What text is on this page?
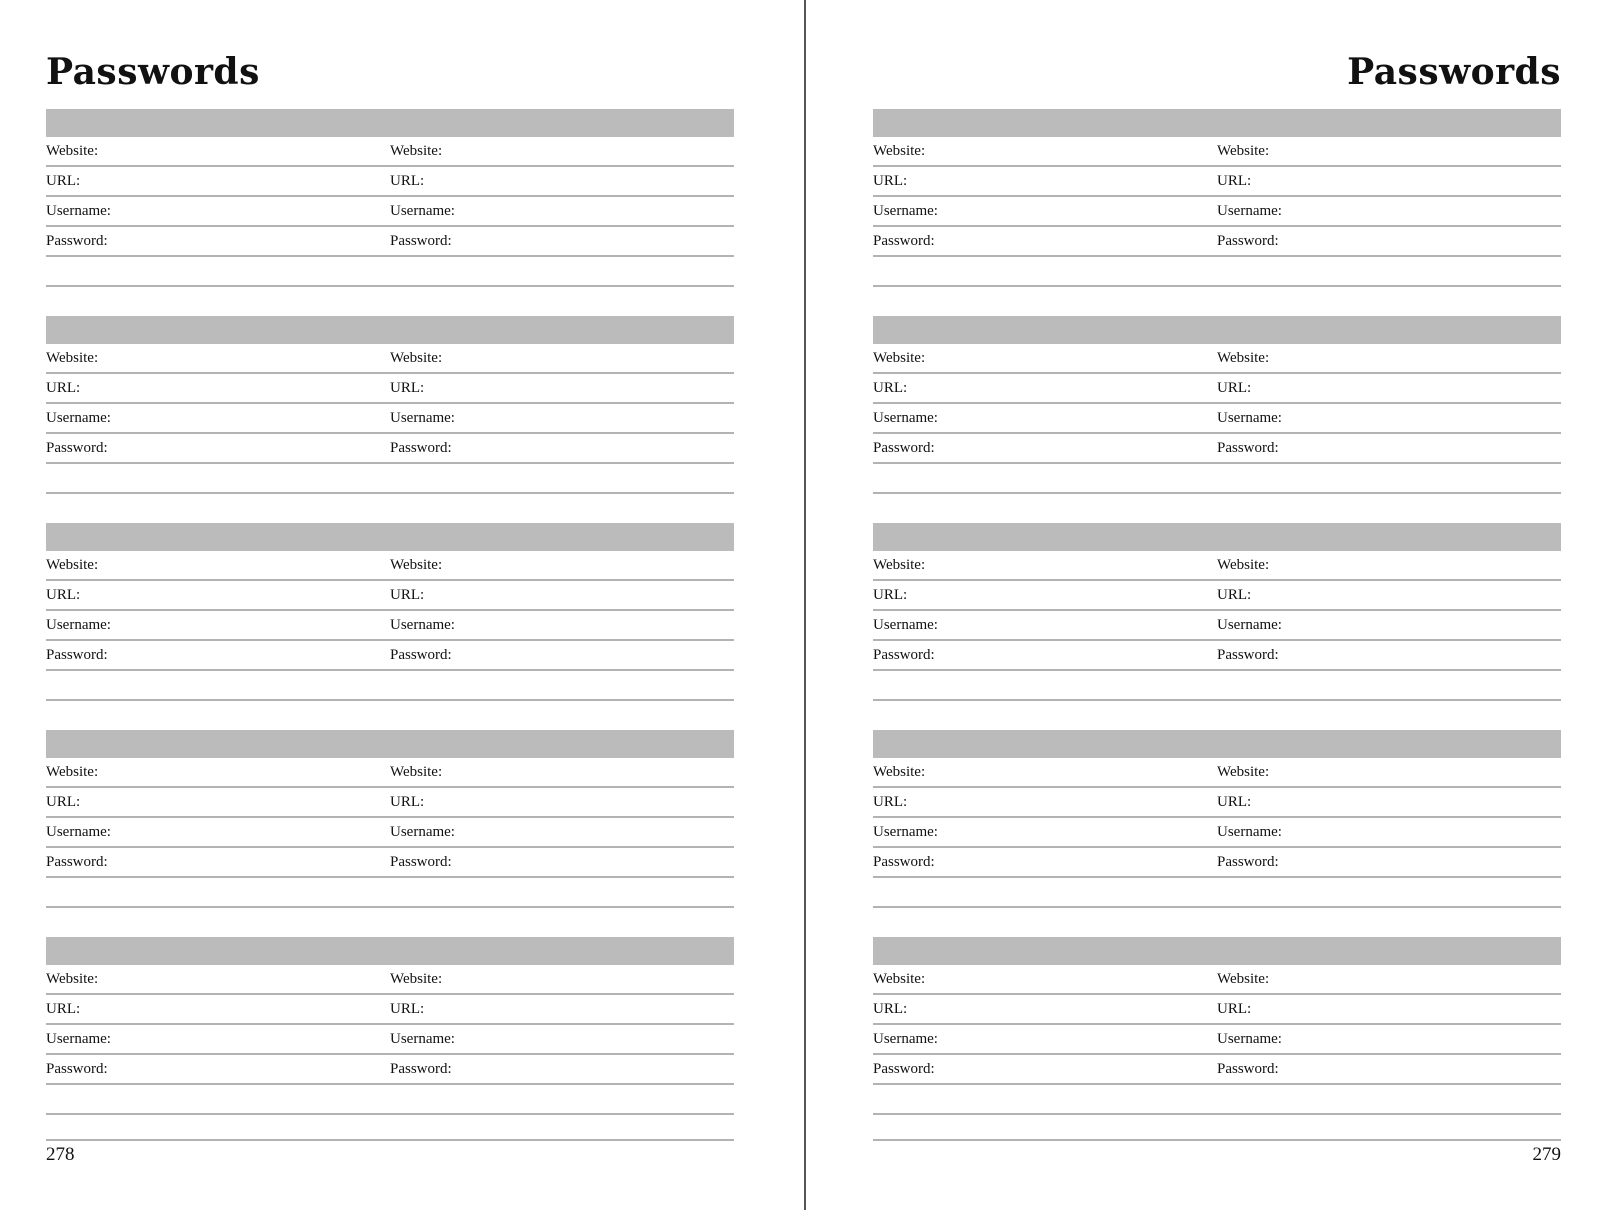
Passwords
Website:	Website:
URL:	URL:
Username:	Username:
Password:	Password:
Website:	Website:
URL:	URL:
Username:	Username:
Password:	Password:
Website:	Website:
URL:	URL:
Username:	Username:
Password:	Password:
Website:	Website:
URL:	URL:
Username:	Username:
Password:	Password:
Website:	Website:
URL:	URL:
Username:	Username:
Password:	Password:
278
Passwords
Website:	Website:
URL:	URL:
Username:	Username:
Password:	Password:
Website:	Website:
URL:	URL:
Username:	Username:
Password:	Password:
Website:	Website:
URL:	URL:
Username:	Username:
Password:	Password:
Website:	Website:
URL:	URL:
Username:	Username:
Password:	Password:
Website:	Website:
URL:	URL:
Username:	Username:
Password:	Password:
279
